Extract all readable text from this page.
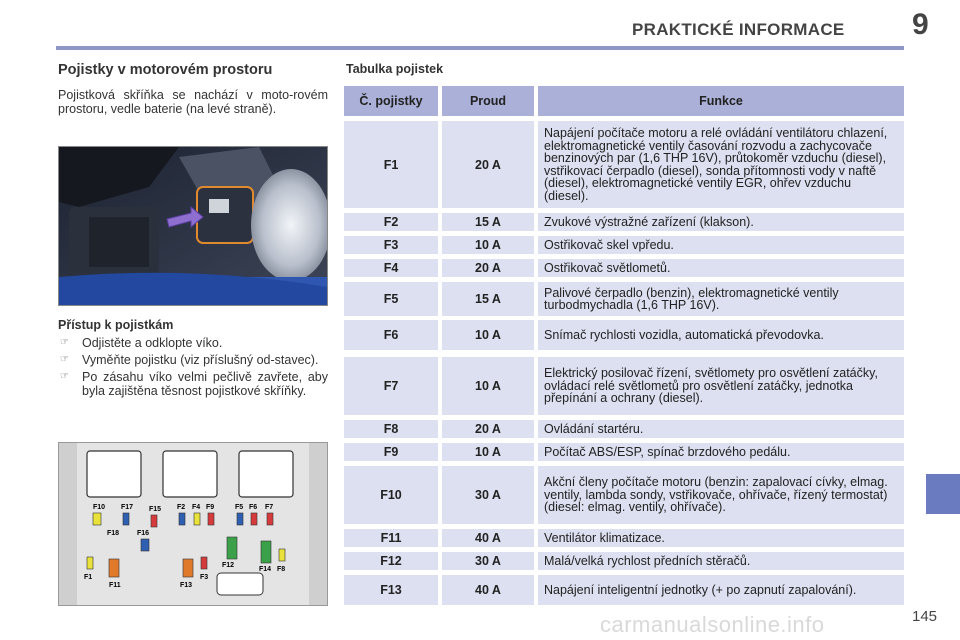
PRAKTICKÉ INFORMACE 9
Pojistky v motorovém prostoru

Pojistková skříňka se nachází v moto-rovém prostoru, vedle baterie (na levé straně).

Přístup k pojistkám
☞ Odjistěte a odklopte víko.
☞ Vyměňte pojistku (viz příslušný od-stavec).
☞ Po zásahu víko velmi pečlivě zavřete, aby byla zajištěna těsnost pojistkové skříňky.
F10 F17 F15 F2 F4 F9	F5 F6 F7
F18	F16
F1
F11	F13
F3
F12
F14 F8
Tabulka pojistek
Č. pojistky	Proud	Funkce
F1	20 A
Napájení počítače motoru a relé ovládání ventilátoru chlazení, elektromagnetické ventily časování rozvodu a zachycovače benzinových par (1,6 THP 16V), průtokoměr vzduchu (diesel), vstřikovací čerpadlo (diesel), sonda přítomnosti vody v naftě (diesel), elektromagnetické ventily EGR, ohřev vzduchu (diesel).
F2	15 A	Zvukové výstražné zařízení (klakson).
F3	10 A	Ostřikovač skel vpředu.
F4	20 A	Ostřikovač světlometů.
F5	15 A	Palivové čerpadlo (benzin), elektromagnetické ventily turbodmychadla (1,6 THP 16V).
F6	10 A	Snímač rychlosti vozidla, automatická převodovka.
F7	10 A
Elektrický posilovač řízení, světlomety pro osvětlení zatáčky, ovládací relé světlometů pro osvětlení zatáčky, jednotka přepínání a ochrany (diesel).
F8	20 A	Ovládání startéru.
F9	10 A	Počítač ABS/ESP, spínač brzdového pedálu.
F10	30 A
Akční členy počítače motoru (benzin: zapalovací cívky, elmag. ventily, lambda sondy, vstřikovače, ohřívače, řízený termostat) (diesel: elmag. ventily, ohřívače).
F11	40 A	Ventilátor klimatizace.
F12	30 A	Malá/velká rychlost předních stěračů.
F13	40 A	Napájení inteligentní jednotky (+ po zapnutí zapalování).
145
carmanualsonline.info
